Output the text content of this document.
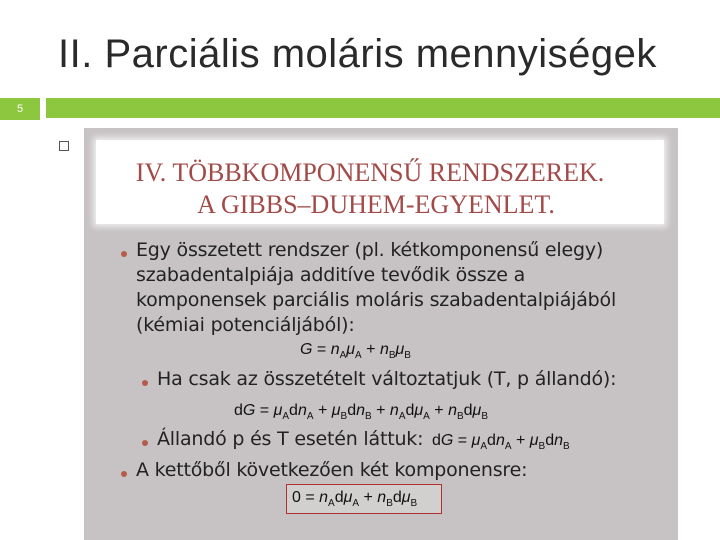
II. Parciális moláris mennyiségek
5
IV. TÖBBKOMPONENSŰ RENDSZEREK.
A GIBBS–DUHEM-EGYENLET.
Egy összetett rendszer (pl. kétkomponensű elegy)
szabadentalpiája additíve tevődik össze a
komponensek parciális moláris szabadentalpiájából
(kémiai potenciáljából):
$G = n_A\mu_A + n_B\mu_B$
Ha csak az összetételt változtatjuk (T, p állandó):
dG = $\mu_Adn_A + \mu_Bdn_B + n_Ad\mu_A + n_Bd\mu_B$
Állandó p és T esetén láttuk: dG = $\mu_Adn_A + \mu_Bdn_B$
A kettőből következően két komponensre:
$0 = n_Ad\mu_A + n_Bd\mu_B$
